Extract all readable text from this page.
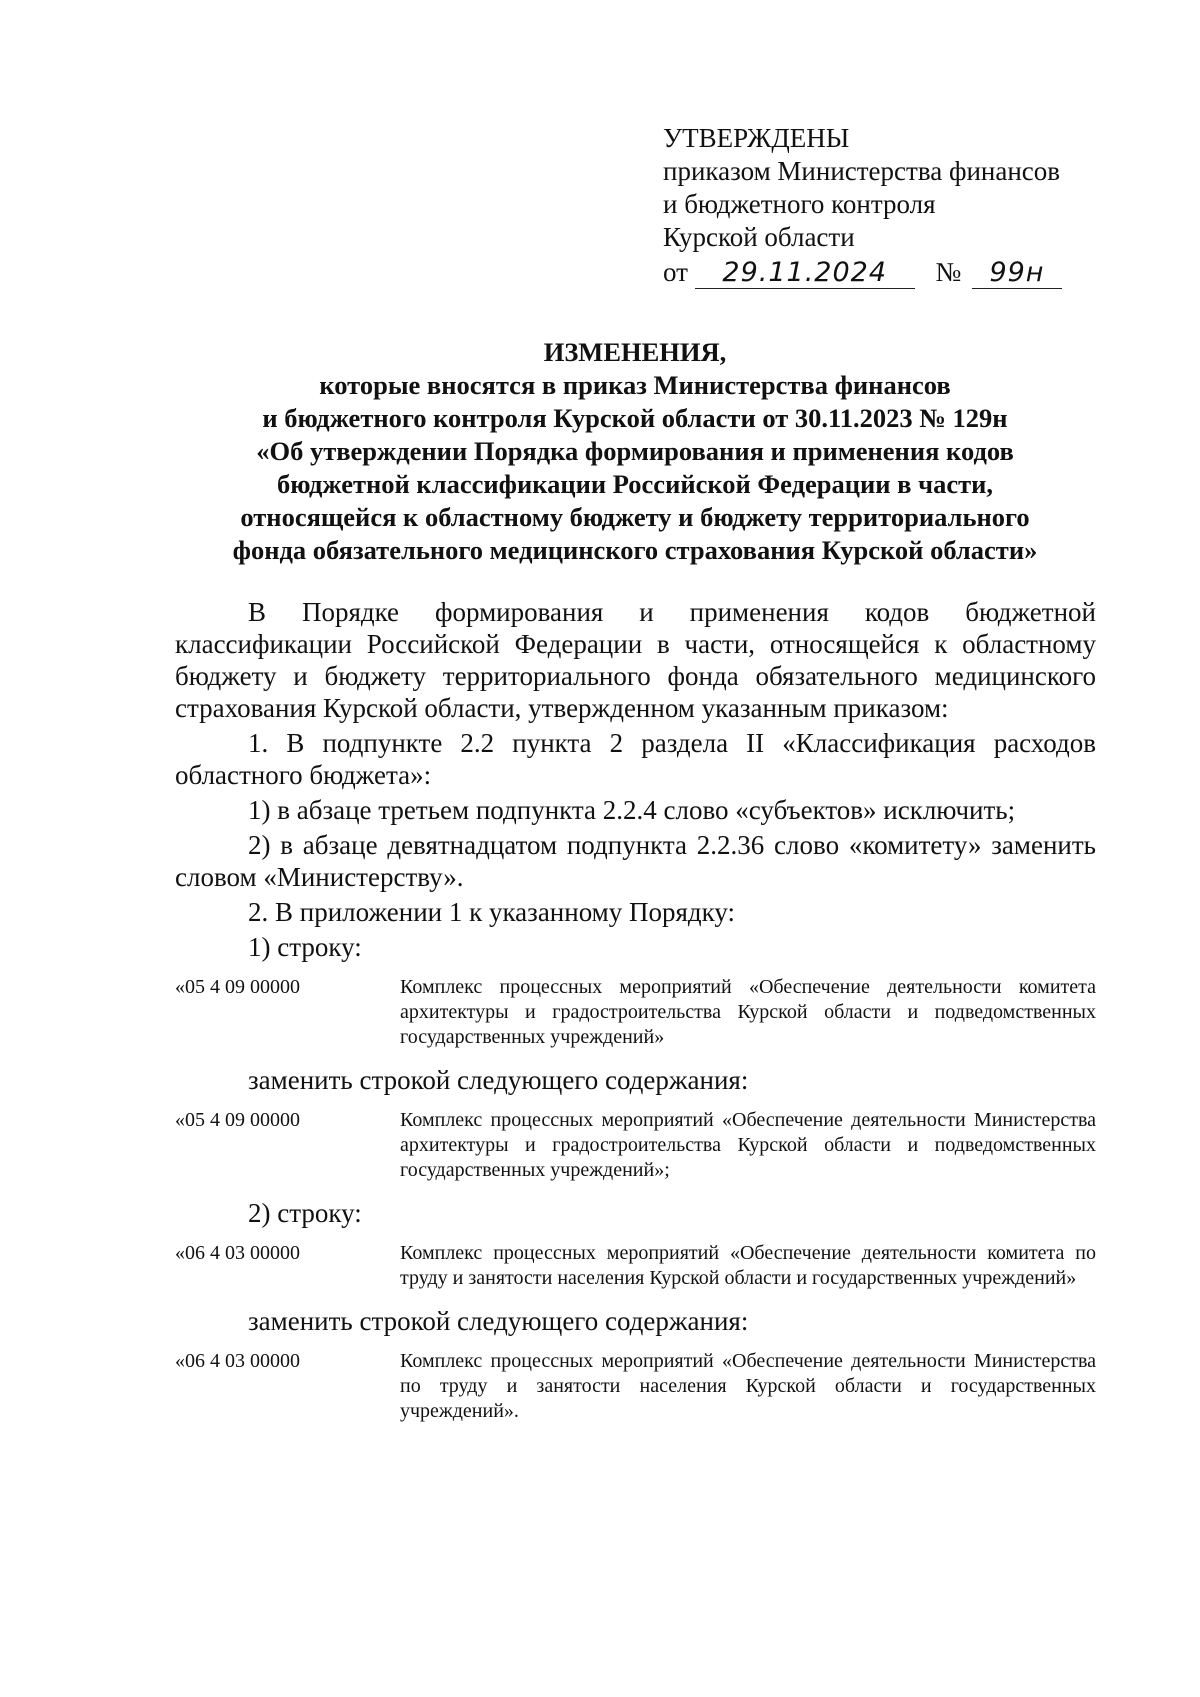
УТВЕРЖДЕНЫ
приказом Министерства финансов
и бюджетного контроля
Курской области
от 29.11.2024 № 99н
ИЗМЕНЕНИЯ,
которые вносятся в приказ Министерства финансов
и бюджетного контроля Курской области от 30.11.2023 № 129н
«Об утверждении Порядка формирования и применения кодов
бюджетной классификации Российской Федерации в части,
относящейся к областному бюджету и бюджету территориального
фонда обязательного медицинского страхования Курской области»

В Порядке формирования и применения кодов бюджетной классификации Российской Федерации в части, относящейся к областному бюджету и бюджету территориального фонда обязательного медицинского страхования Курской области, утвержденном указанным приказом:

1. В подпункте 2.2 пункта 2 раздела II «Классификация расходов областного бюджета»:

1) в абзаце третьем подпункта 2.2.4 слово «субъектов» исключить;

2) в абзаце девятнадцатом подпункта 2.2.36 слово «комитету» заменить словом «Министерству».

2. В приложении 1 к указанному Порядку:

1) строку:

«05 4 09 00000	Комплекс процессных мероприятий «Обеспечение деятельности комитета архитектуры и градостроительства Курской области и подведомственных государственных учреждений»

заменить строкой следующего содержания:

«05 4 09 00000	Комплекс процессных мероприятий «Обеспечение деятельности Министерства архитектуры и градостроительства Курской области и подведомственных государственных учреждений»;

2) строку:

«06 4 03 00000	Комплекс процессных мероприятий «Обеспечение деятельности комитета по труду и занятости населения Курской области и государственных учреждений»

заменить строкой следующего содержания:

«06 4 03 00000	Комплекс процессных мероприятий «Обеспечение деятельности Министерства по труду и занятости населения Курской области и государственных учреждений».
